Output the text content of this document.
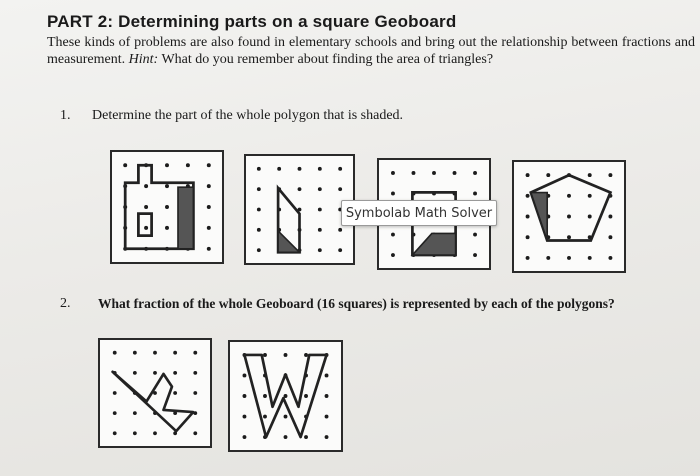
PART 2: Determining parts on a square Geoboard
These kinds of problems are also found in elementary schools and bring out the relationship between fractions and measurement. Hint: What do you remember about finding the area of triangles?
1. Determine the part of the whole polygon that is shaded.
Symbolab Math Solver
2. What fraction of the whole Geoboard (16 squares) is represented by each of the polygons?
